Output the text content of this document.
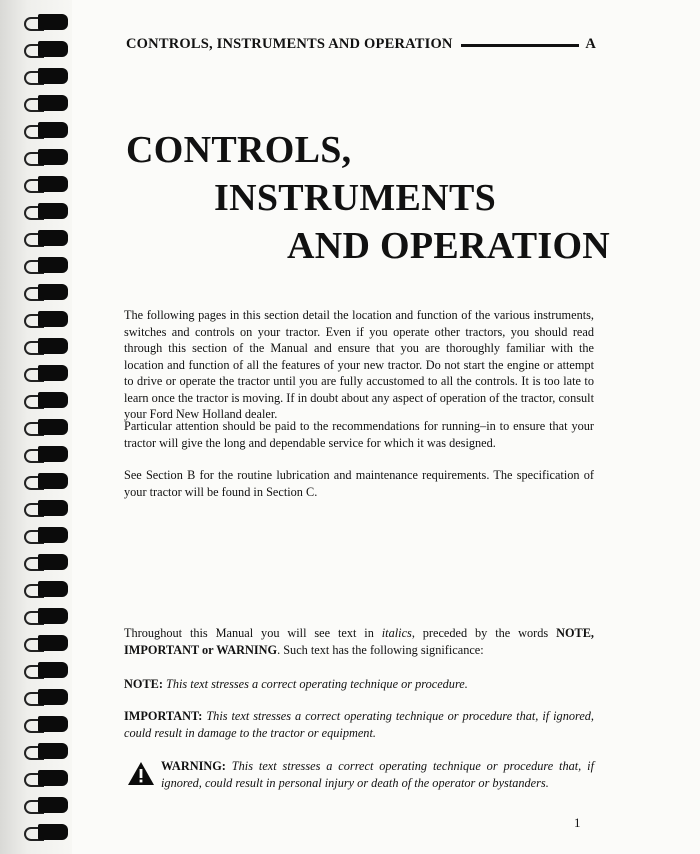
CONTROLS, INSTRUMENTS AND OPERATION	A
CONTROLS,
INSTRUMENTS
AND OPERATION
The following pages in this section detail the location and function of the various instruments, switches and controls on your tractor. Even if you operate other tractors, you should read through this section of the Manual and ensure that you are thoroughly familiar with the location and function of all the features of your new tractor. Do not start the engine or attempt to drive or operate the tractor until you are fully accustomed to all the controls. It is too late to learn once the tractor is moving. If in doubt about any aspect of operation of the tractor, consult your Ford New Holland dealer.
Particular attention should be paid to the recommendations for running–in to ensure that your tractor will give the long and dependable service for which it was designed.
See Section B for the routine lubrication and maintenance requirements. The specification of your tractor will be found in Section C.
Throughout this Manual you will see text in italics, preceded by the words NOTE, IMPORTANT or WARNING. Such text has the following significance:
NOTE: This text stresses a correct operating technique or procedure.
IMPORTANT: This text stresses a correct operating technique or procedure that, if ignored, could result in damage to the tractor or equipment.
WARNING: This text stresses a correct operating technique or procedure that, if ignored, could result in personal injury or death of the operator or bystanders.
1
